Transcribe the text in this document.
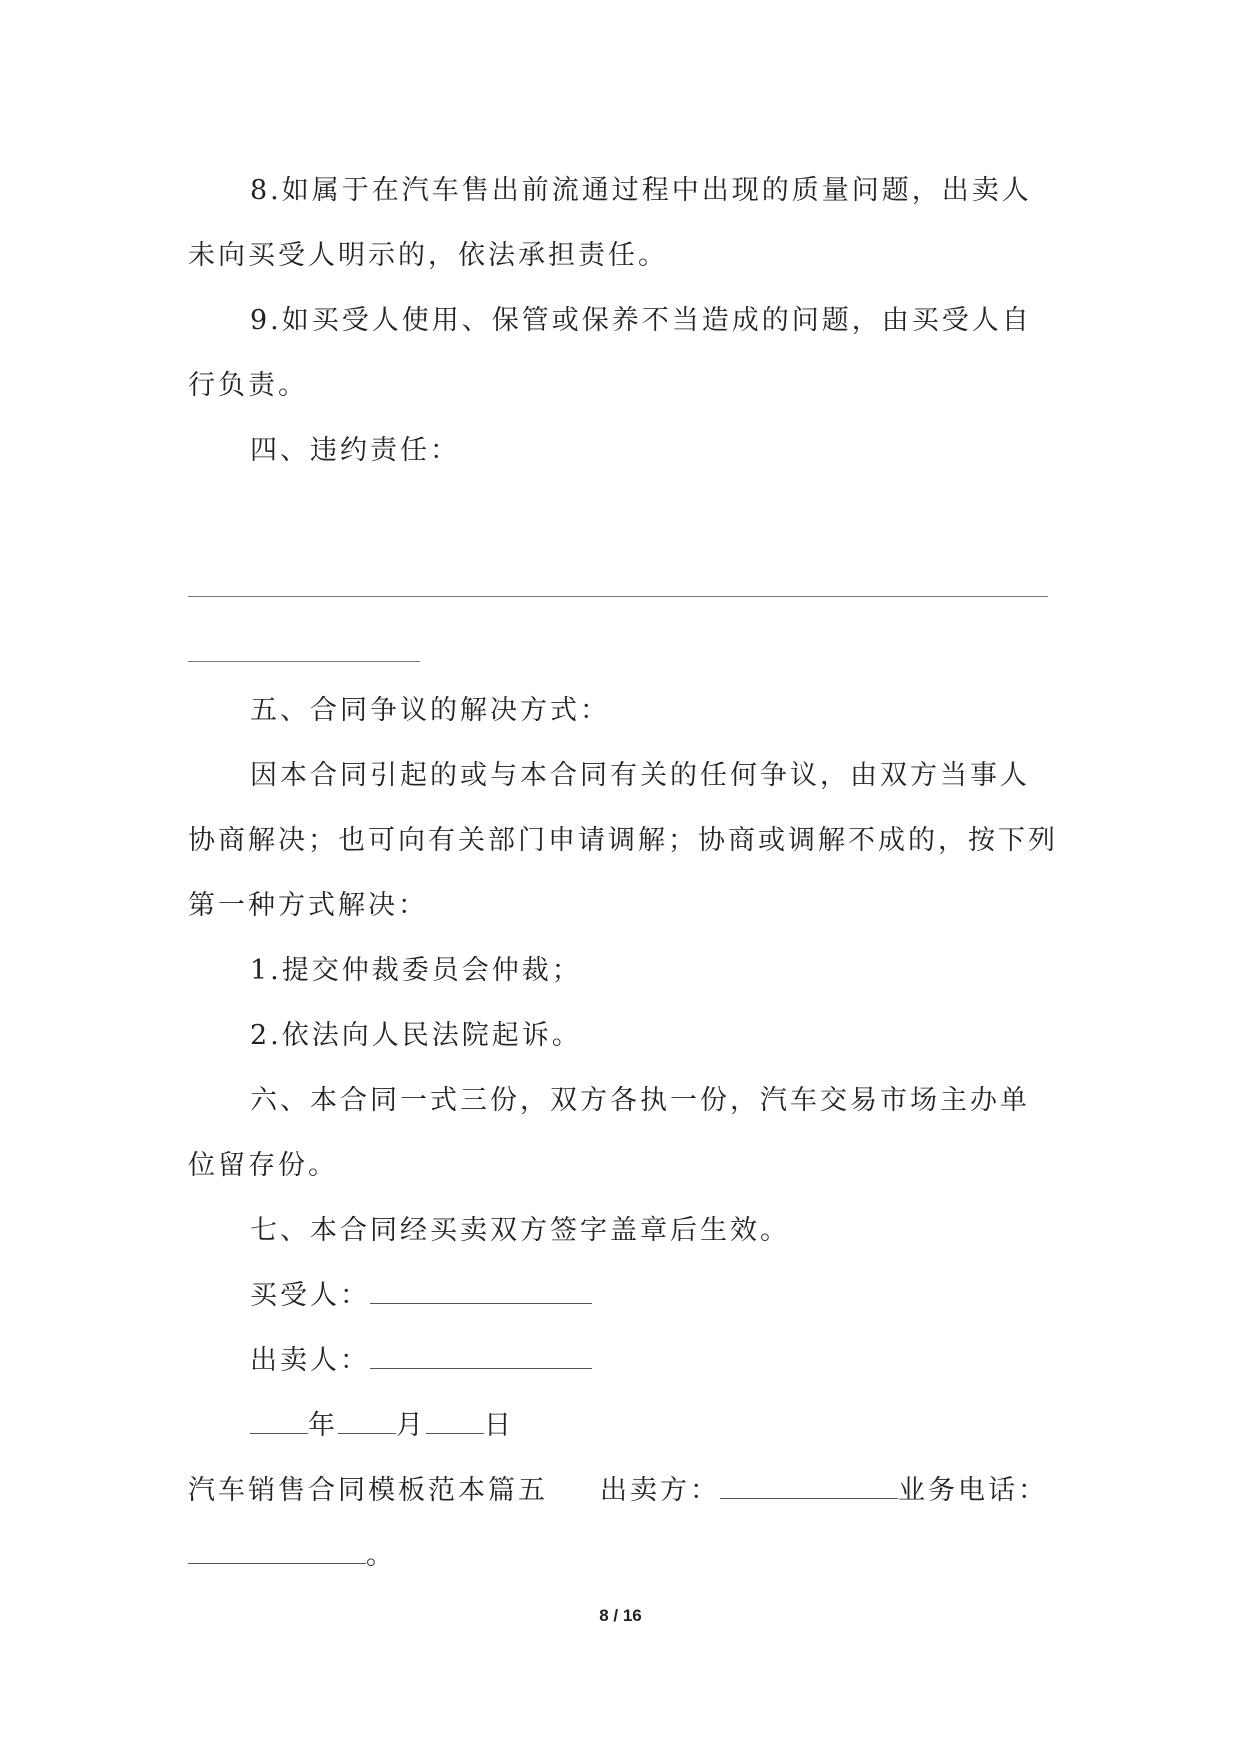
8.如属于在汽车售出前流通过程中出现的质量问题，出卖人未向买受人明示的，依法承担责任。

9.如买受人使用、保管或保养不当造成的问题，由买受人自行负责。

四、违约责任：

五、合同争议的解决方式：

因本合同引起的或与本合同有关的任何争议，由双方当事人协商解决；也可向有关部门申请调解；协商或调解不成的，按下列第一种方式解决：

1.提交仲裁委员会仲裁；

2.依法向人民法院起诉。

六、本合同一式三份，双方各执一份，汽车交易市场主办单位留存份。

七、本合同经买卖双方签字盖章后生效。

买受人：

出卖人：

年 月 日

汽车销售合同模板范本篇五 出卖方：	业务电话：。

8 / 16
